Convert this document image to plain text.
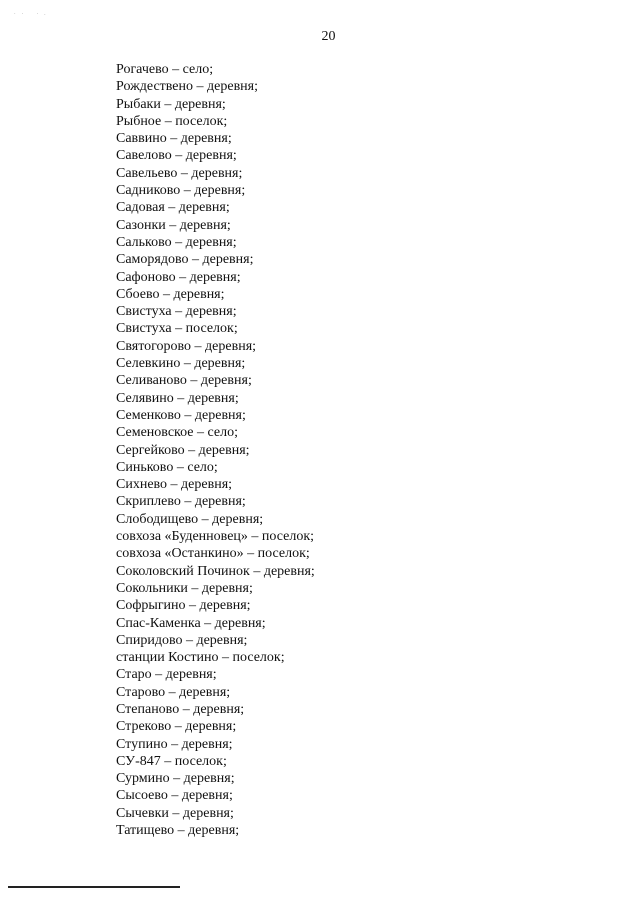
·· ·.
20
Рогачево – село;
Рождествено – деревня;
Рыбаки – деревня;
Рыбное – поселок;
Саввино – деревня;
Савелово – деревня;
Савельево – деревня;
Садниково – деревня;
Садовая – деревня;
Сазонки – деревня;
Сальково – деревня;
Саморядово – деревня;
Сафоново – деревня;
Сбоево – деревня;
Свистуха – деревня;
Свистуха – поселок;
Святогорово – деревня;
Селевкино – деревня;
Селиваново – деревня;
Селявино – деревня;
Семенково – деревня;
Семеновское – село;
Сергейково – деревня;
Синьково – село;
Сихнево – деревня;
Скриплево – деревня;
Слободищево – деревня;
совхоза «Буденновец» – поселок;
совхоза «Останкино» – поселок;
Соколовский Починок – деревня;
Сокольники – деревня;
Софрыгино – деревня;
Спас-Каменка – деревня;
Спиридово – деревня;
станции Костино – поселок;
Старо – деревня;
Старово – деревня;
Степаново – деревня;
Стреково – деревня;
Ступино – деревня;
СУ-847 – поселок;
Сурмино – деревня;
Сысоево – деревня;
Сычевки – деревня;
Татищево – деревня;
